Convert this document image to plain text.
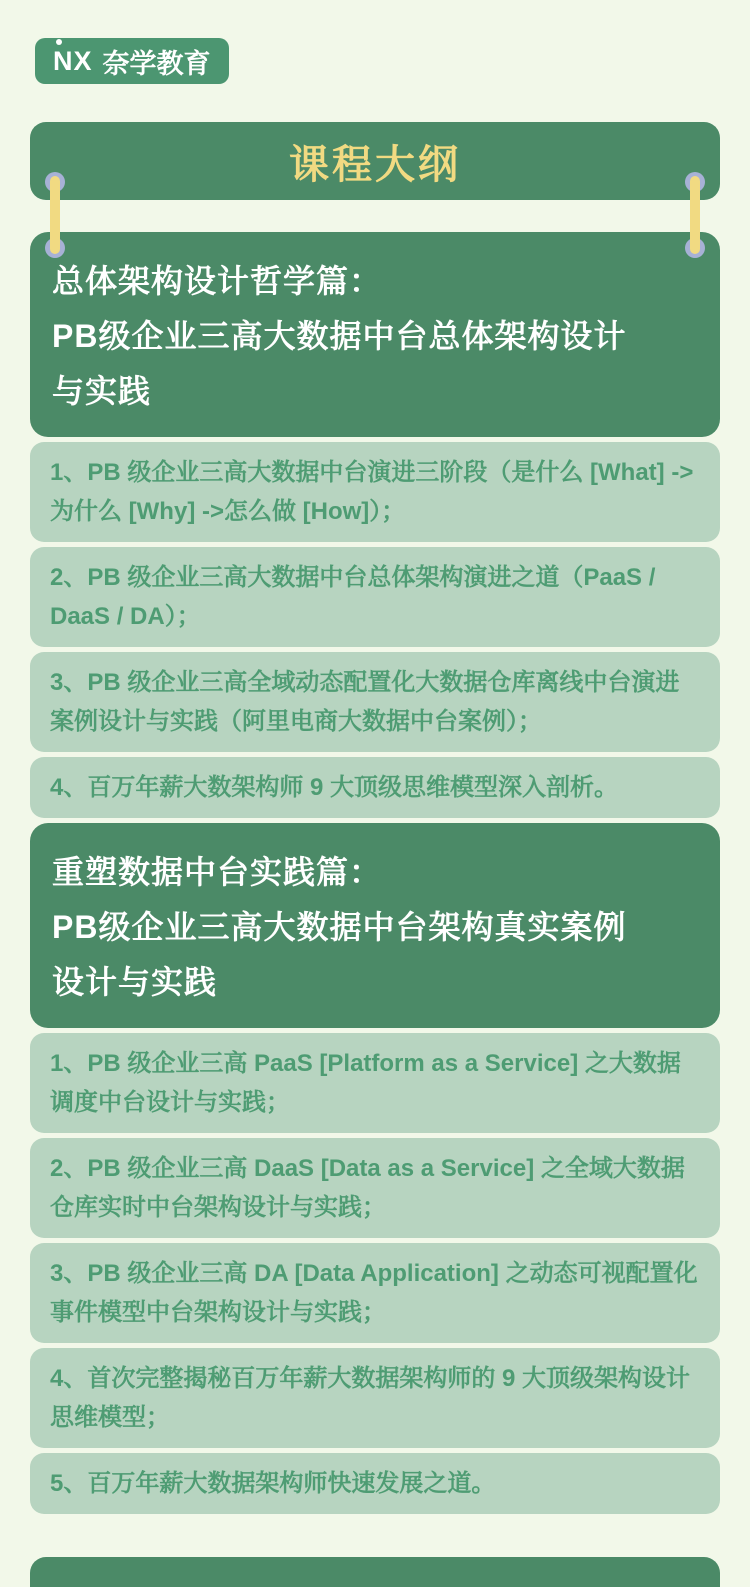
NX 奈学教育
课程大纲
总体架构设计哲学篇：
PB级企业三高大数据中台总体架构设计
与实践
1、PB 级企业三高大数据中台演进三阶段（是什么 [What] -> 为什么 [Why] ->怎么做 [How]）；
2、PB 级企业三高大数据中台总体架构演进之道（PaaS / DaaS / DA）；
3、PB 级企业三高全域动态配置化大数据仓库离线中台演进案例设计与实践（阿里电商大数据中台案例）；
4、百万年薪大数架构师 9 大顶级思维模型深入剖析。
重塑数据中台实践篇：
PB级企业三高大数据中台架构真实案例
设计与实践
1、PB 级企业三高 PaaS [Platform as a Service] 之大数据调度中台设计与实践；
2、PB 级企业三高 DaaS [Data as a Service] 之全域大数据仓库实时中台架构设计与实践；
3、PB 级企业三高 DA [Data Application] 之动态可视配置化事件模型中台架构设计与实践；
4、首次完整揭秘百万年薪大数据架构师的 9 大顶级架构设计思维模型；
5、百万年薪大数据架构师快速发展之道。
